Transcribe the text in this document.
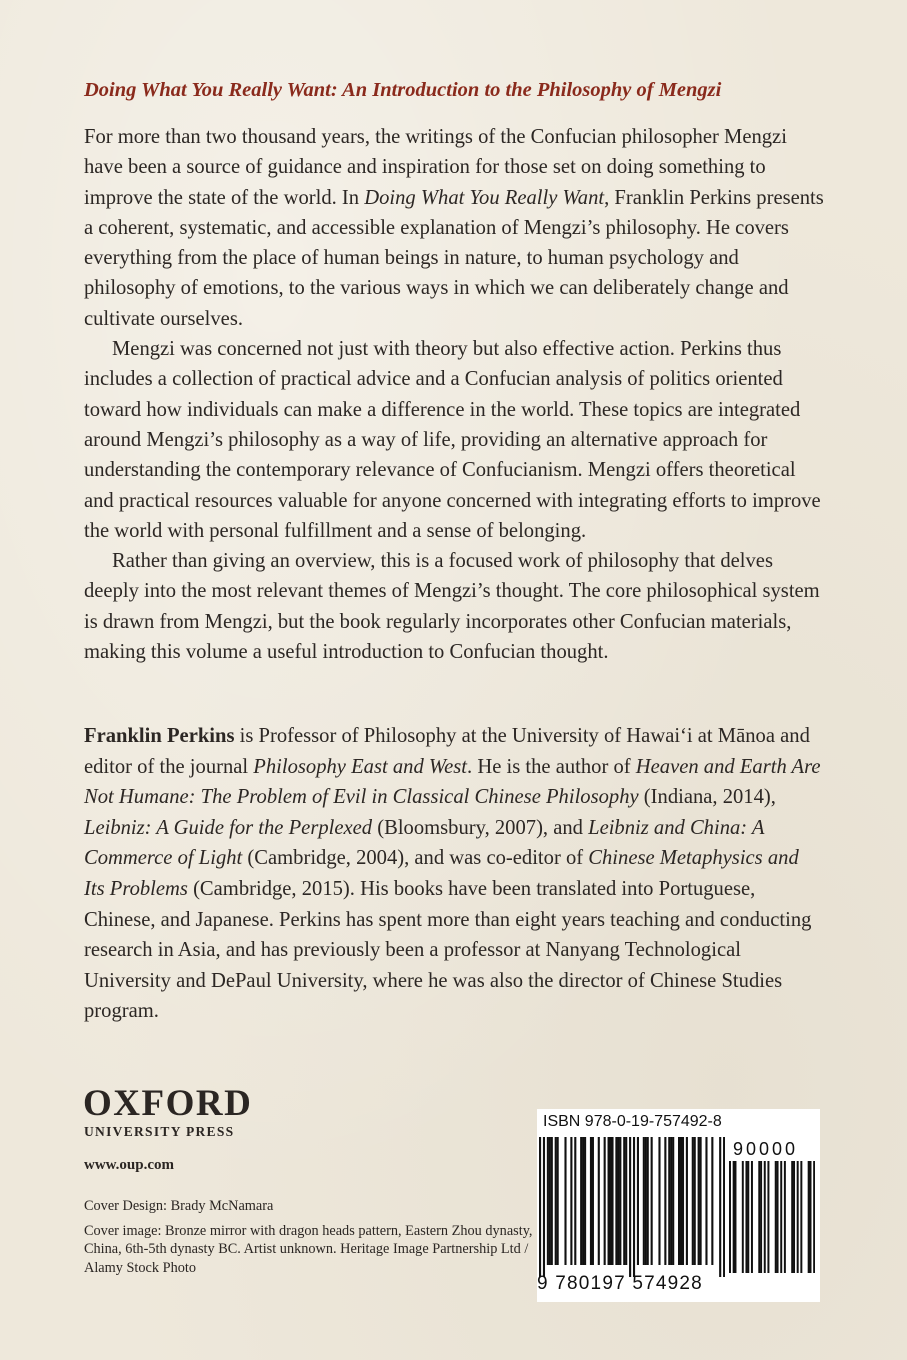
Doing What You Really Want: An Introduction to the Philosophy of Mengzi

For more than two thousand years, the writings of the Confucian philosopher Mengzi have been a source of guidance and inspiration for those set on doing something to improve the state of the world. In Doing What You Really Want, Franklin Perkins presents a coherent, systematic, and accessible explanation of Mengzi’s philosophy. He covers everything from the place of human beings in nature, to human psychology and philosophy of emotions, to the various ways in which we can deliberately change and cultivate ourselves.

Mengzi was concerned not just with theory but also effective action. Perkins thus includes a collection of practical advice and a Confucian analysis of politics oriented toward how individuals can make a difference in the world. These topics are integrated around Mengzi’s philosophy as a way of life, providing an alternative approach for understanding the contemporary relevance of Confucianism. Mengzi offers theoretical and practical resources valuable for anyone concerned with integrating efforts to improve the world with personal fulfillment and a sense of belonging.

Rather than giving an overview, this is a focused work of philosophy that delves deeply into the most relevant themes of Mengzi’s thought. The core philosophical system is drawn from Mengzi, but the book regularly incorporates other Confucian materials, making this volume a useful introduction to Confucian thought.

Franklin Perkins is Professor of Philosophy at the University of Hawai‘i at Mānoa and editor of the journal Philosophy East and West. He is the author of Heaven and Earth Are Not Humane: The Problem of Evil in Classical Chinese Philosophy (Indiana, 2014), Leibniz: A Guide for the Perplexed (Bloomsbury, 2007), and Leibniz and China: A Commerce of Light (Cambridge, 2004), and was co-editor of Chinese Metaphysics and Its Problems (Cambridge, 2015). His books have been translated into Portuguese, Chinese, and Japanese. Perkins has spent more than eight years teaching and conducting research in Asia, and has previously been a professor at Nanyang Technological University and DePaul University, where he was also the director of Chinese Studies program.

OXFORD
UNIVERSITY PRESS
www.oup.com

Cover Design: Brady McNamara

Cover image: Bronze mirror with dragon heads pattern, Eastern Zhou dynasty, China, 6th-5th dynasty BC. Artist unknown. Heritage Image Partnership Ltd / Alamy Stock Photo

ISBN 978-0-19-757492-8
90000
9 780197 574928
